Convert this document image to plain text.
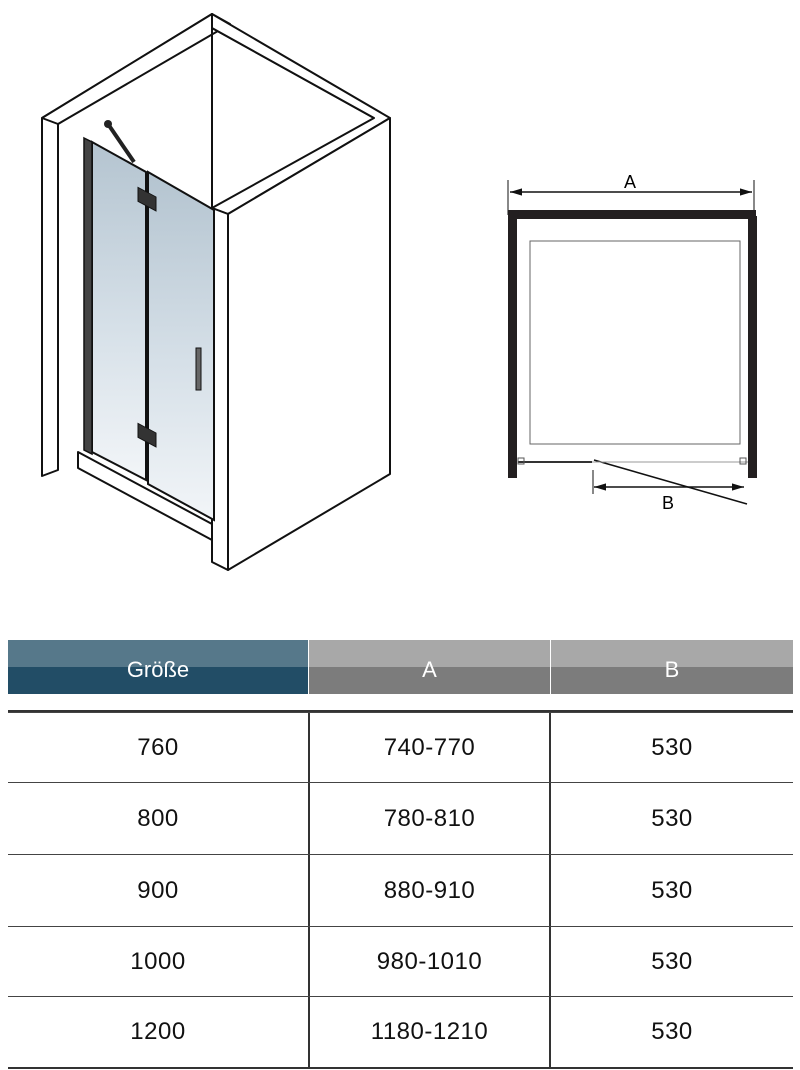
A
B
Größe	A	B
760	740-770	530
800	780-810	530
900	880-910	530
1000	980-1010	530
1200	1180-1210	530
